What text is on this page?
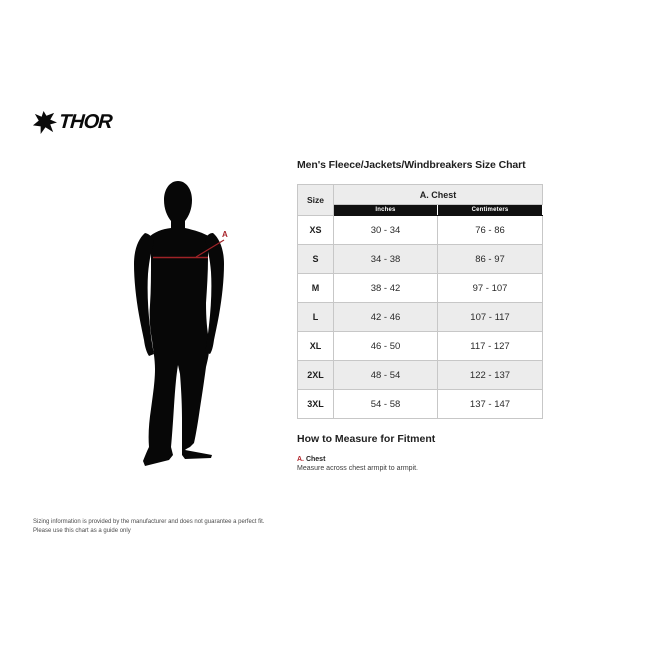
THOR
A
Men's Fleece/Jackets/Windbreakers Size Chart
Size	A. Chest	
	Inches	Centimeters
XS	30 - 34	76 - 86
S	34 - 38	86 - 97
M	38 - 42	97 - 107
L	42 - 46	107 - 117
XL	46 - 50	117 - 127
2XL	48 - 54	122 - 137
3XL	54 - 58	137 - 147
How to Measure for Fitment
A. Chest
Measure across chest armpit to armpit.
Sizing information is provided by the manufacturer and does not guarantee a perfect fit.
Please use this chart as a guide only
